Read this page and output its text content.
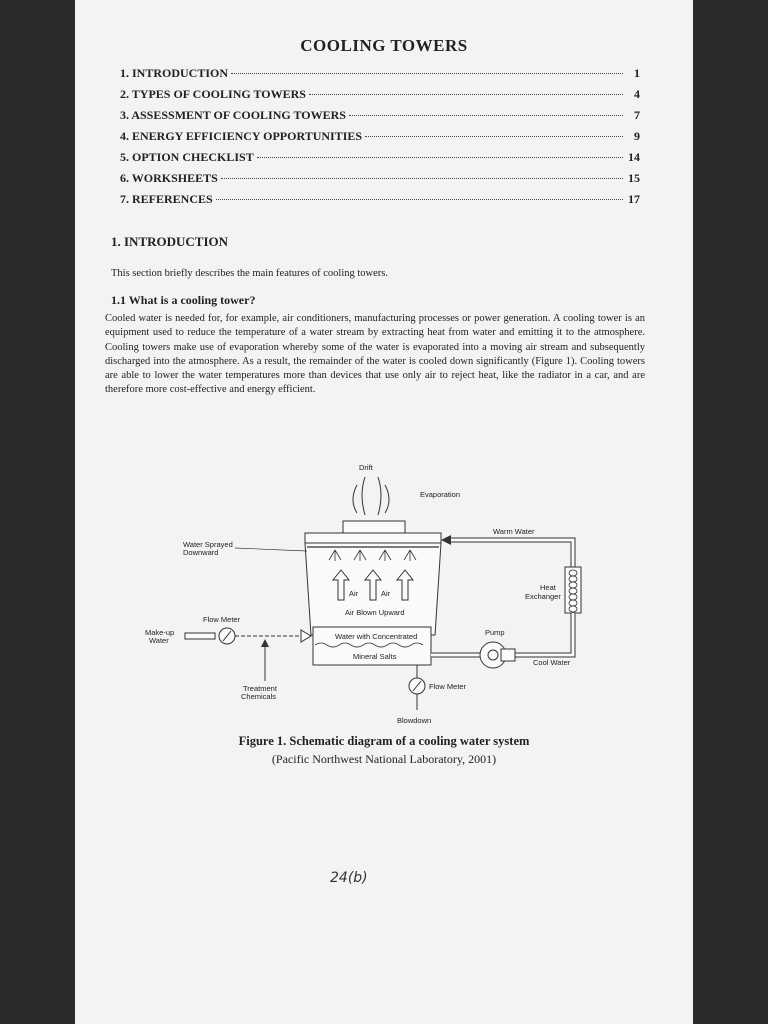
COOLING TOWERS
1. INTRODUCTION	1
2. TYPES OF COOLING TOWERS	4
3. ASSESSMENT OF COOLING TOWERS	7
4. ENERGY EFFICIENCY OPPORTUNITIES	9
5. OPTION CHECKLIST	14
6. WORKSHEETS	15
7. REFERENCES	17
1. INTRODUCTION
This section briefly describes the main features of cooling towers.
1.1 What is a cooling tower?
Cooled water is needed for, for example, air conditioners, manufacturing processes or power generation. A cooling tower is an equipment used to reduce the temperature of a water stream by extracting heat from water and emitting it to the atmosphere. Cooling towers make use of evaporation whereby some of the water is evaporated into a moving air stream and subsequently discharged into the atmosphere. As a result, the remainder of the water is cooled down significantly (Figure 1). Cooling towers are able to lower the water temperatures more than devices that use only air to reject heat, like the radiator in a car, and are therefore more cost-effective and energy efficient.
Drift
Evaporation
Water Sprayed
Downward
Air	Air
Air Blown Upward
Water with Concentrated
Mineral Salts
Warm Water
Heat
Exchanger
Cool Water
Pump
Make-up
Water
Flow Meter
Treatment
Chemicals
Flow Meter
Blowdown
Figure 1. Schematic diagram of a cooling water system
(Pacific Northwest National Laboratory, 2001)
24(b)
